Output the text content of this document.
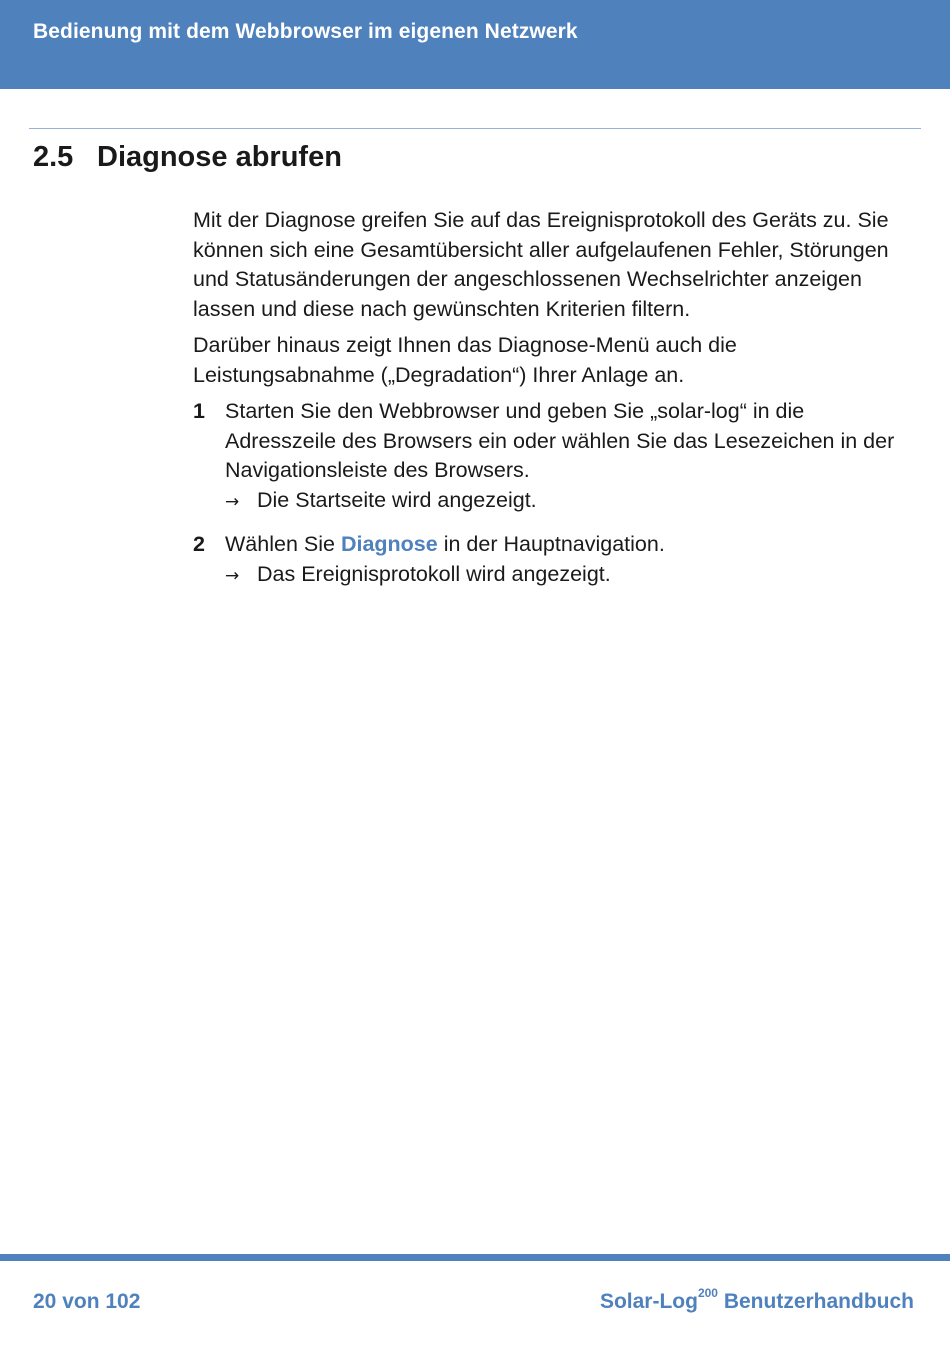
Bedienung mit dem Webbrowser im eigenen Netzwerk
2.5 Diagnose abrufen

Mit der Diagnose greifen Sie auf das Ereignisprotokoll des Geräts zu. Sie können sich eine Gesamtübersicht aller aufgelaufenen Fehler, Störungen und Statusänderungen der angeschlossenen Wechselrichter anzeigen lassen und diese nach gewünschten Kriterien filtern.

Darüber hinaus zeigt Ihnen das Diagnose-Menü auch die Leistungsabnahme („Degradation“) Ihrer Anlage an.

1 Starten Sie den Webbrowser und geben Sie „solar-log“ in die Adresszeile des Browsers ein oder wählen Sie das Lesezeichen in der Navigationsleiste des Browsers.
→ Die Startseite wird angezeigt.
2 Wählen Sie Diagnose in der Hauptnavigation.
→ Das Ereignisprotokoll wird angezeigt.
20 von 102	Solar-Log$^{200}$ Benutzerhandbuch
